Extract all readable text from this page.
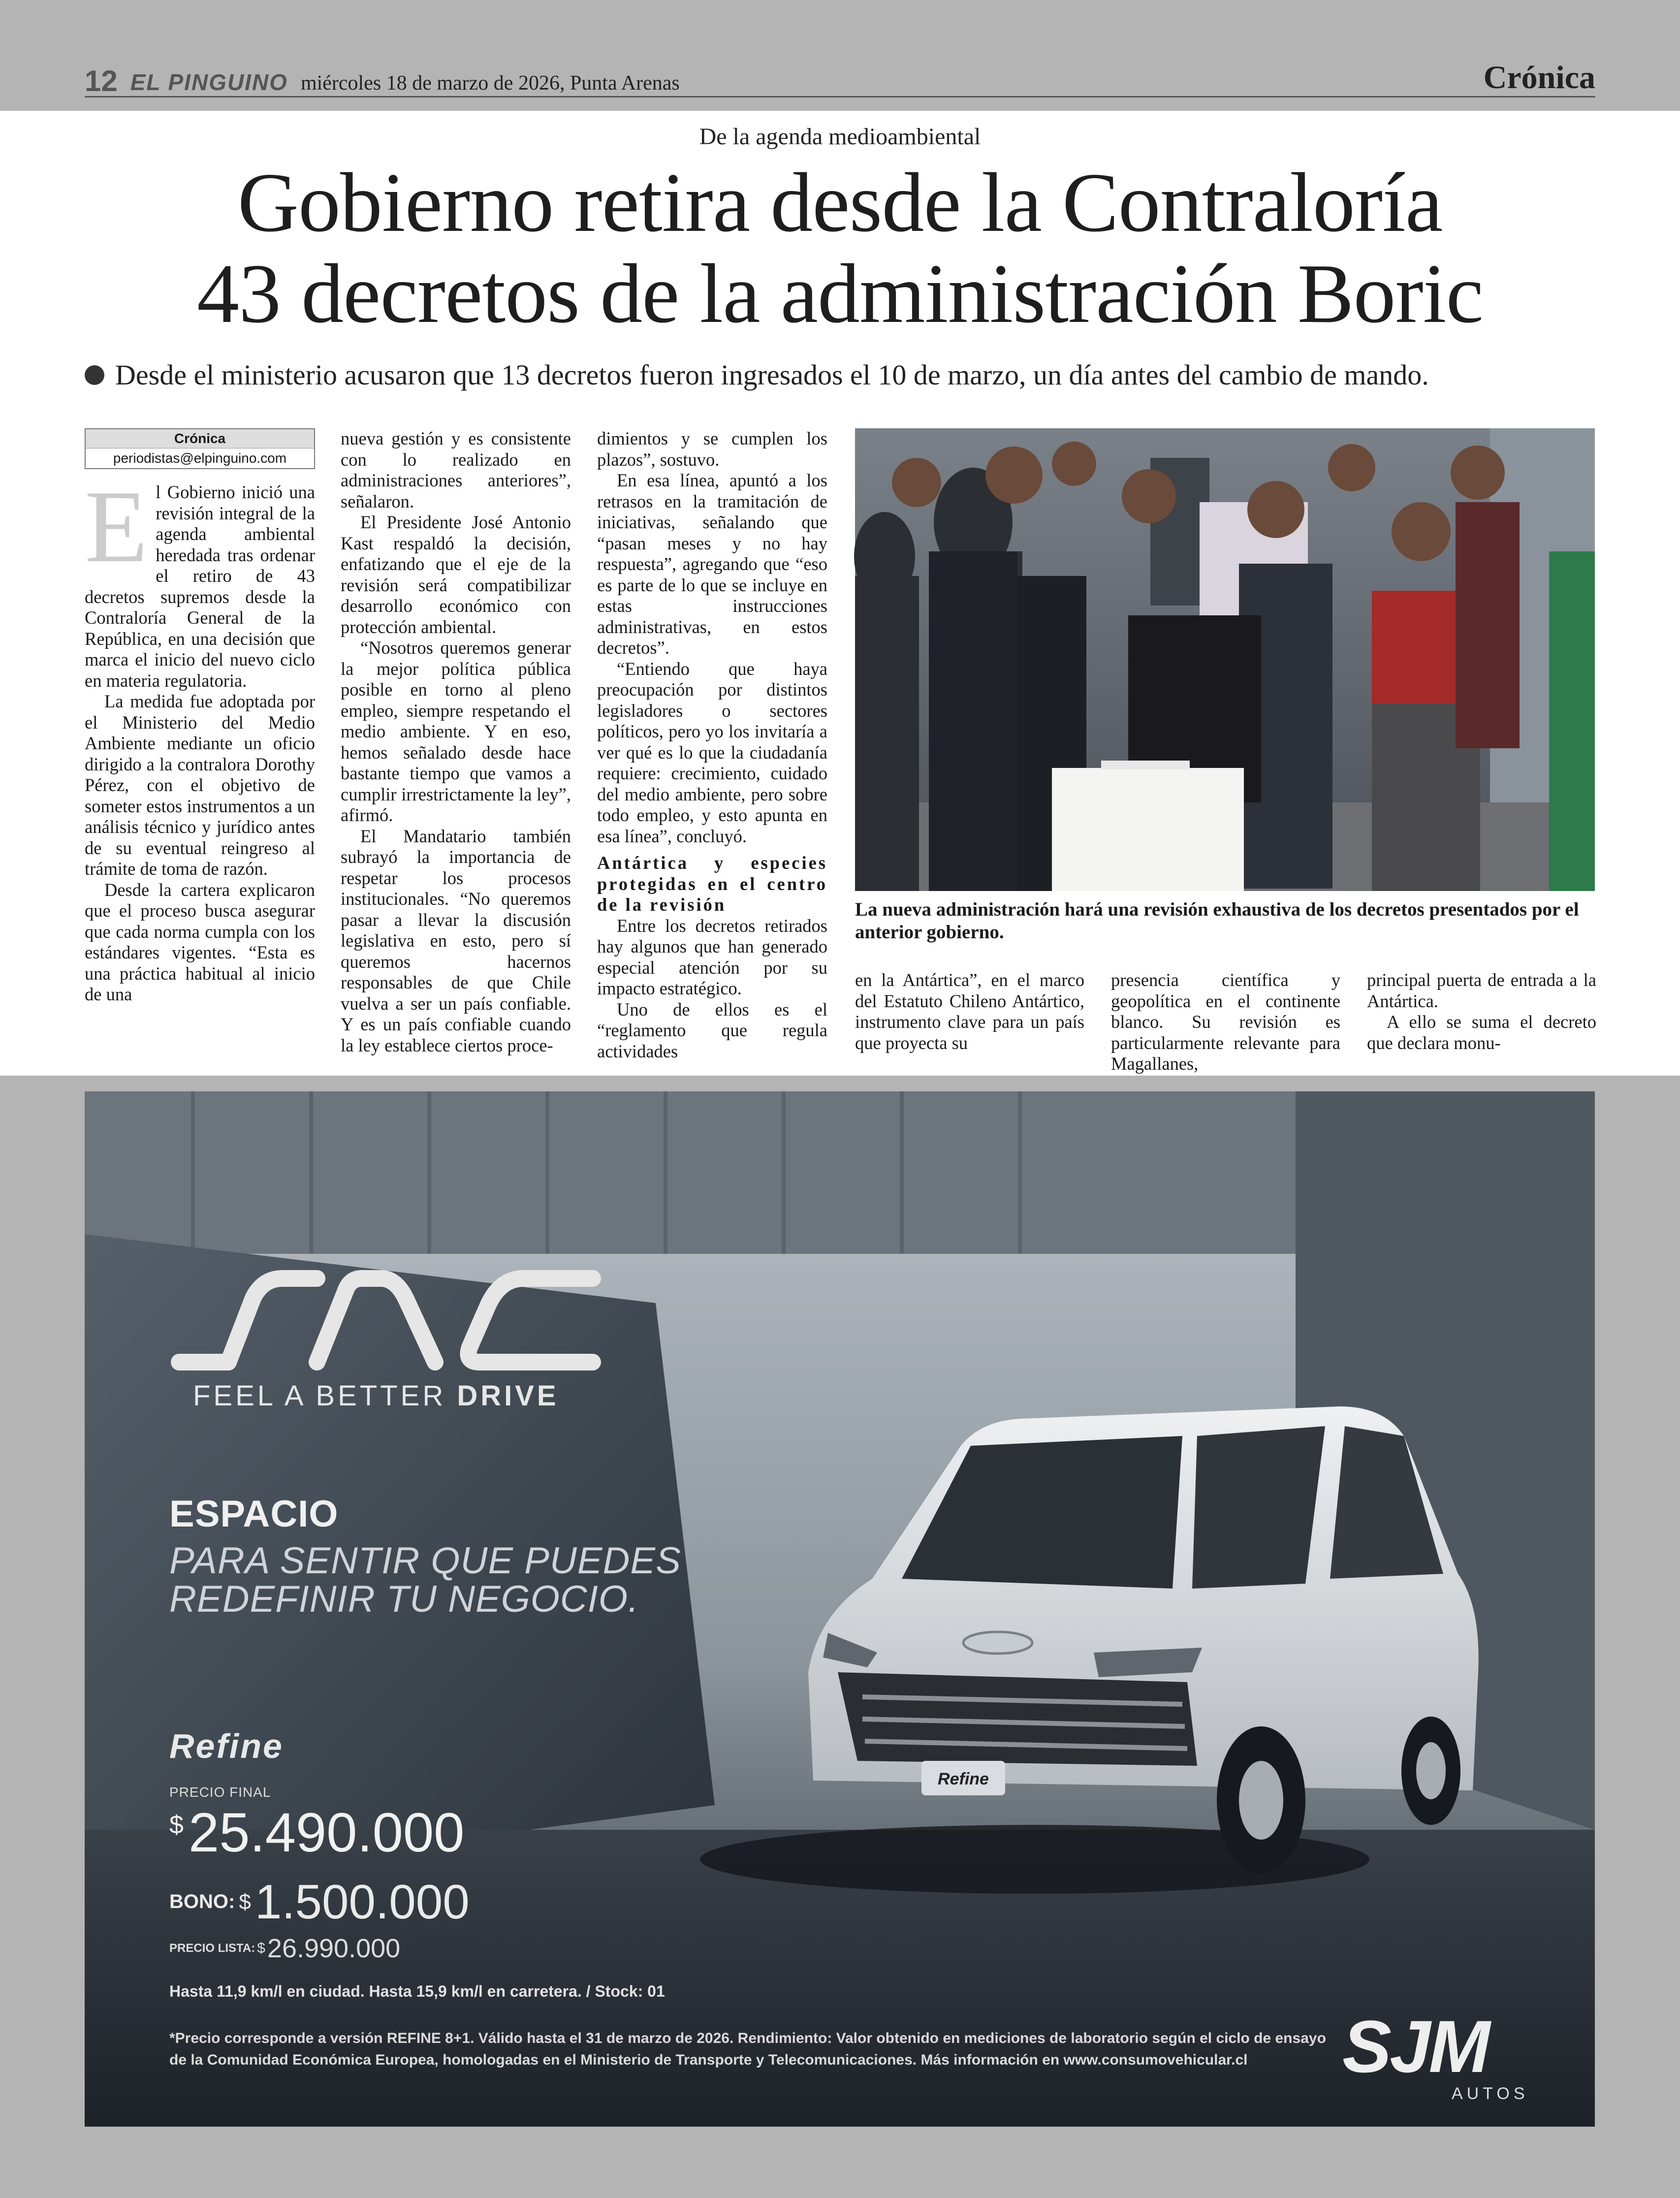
12 EL PINGUINO miércoles 18 de marzo de 2026, Punta Arenas	Crónica
De la agenda medioambiental
Gobierno retira desde la Contraloría
43 decretos de la administración Boric
Desde el ministerio acusaron que 13 decretos fueron ingresados el 10 de marzo, un día antes del cambio de mando.
Crónica
periodistas@elpinguino.com
E l Gobierno inició una revisión integral de la agenda ambiental heredada tras ordenar el retiro de 43 decretos supremos desde la Contraloría General de la República, en una decisión que marca el inicio del nuevo ciclo en materia regulatoria.

La medida fue adoptada por el Ministerio del Medio Ambiente mediante un oficio dirigido a la contralora Dorothy Pérez, con el objetivo de someter estos instrumentos a un análisis técnico y jurídico antes de su eventual reingreso al trámite de toma de razón.

Desde la cartera explicaron que el proceso busca asegurar que cada norma cumpla con los estándares vigentes. “Esta es una práctica habitual al inicio de una

nueva gestión y es consistente con lo realizado en administraciones anteriores”, señalaron.

El Presidente José Antonio Kast respaldó la decisión, enfatizando que el eje de la revisión será compatibilizar desarrollo económico con protección ambiental.

“Nosotros queremos generar la mejor política pública posible en torno al pleno empleo, siempre respetando el medio ambiente. Y en eso, hemos señalado desde hace bastante tiempo que vamos a cumplir irrestrictamente la ley”, afirmó.

El Mandatario también subrayó la importancia de respetar los procesos institucionales. “No queremos pasar a llevar la discusión legislativa en esto, pero sí queremos hacernos responsables de que Chile vuelva a ser un país confiable. Y es un país confiable cuando la ley establece ciertos proce-

dimientos y se cumplen los plazos”, sostuvo.

En esa línea, apuntó a los retrasos en la tramitación de iniciativas, señalando que “pasan meses y no hay respuesta”, agregando que “eso es parte de lo que se incluye en estas instrucciones administrativas, en estos decretos”.

“Entiendo que haya preocupación por distintos legisladores o sectores políticos, pero yo los invitaría a ver qué es lo que la ciudadanía requiere: crecimiento, cuidado del medio ambiente, pero sobre todo empleo, y esto apunta en esa línea”, concluyó.

Antártica y especies protegidas en el centro de la revisión

Entre los decretos retirados hay algunos que han generado especial atención por su impacto estratégico.

Uno de ellos es el “reglamento que regula actividades

La nueva administración hará una revisión exhaustiva de los decretos presentados por el anterior gobierno.

en la Antártica”, en el marco del Estatuto Chileno Antártico, instrumento clave para un país que proyecta su

presencia científica y geopolítica en el continente blanco. Su revisión es particularmente relevante para Magallanes,

principal puerta de entrada a la Antártica.

A ello se suma el decreto que declara monu-

Refine
FEEL A BETTER DRIVE
ESPACIO
PARA SENTIR QUE PUEDES
REDEFINIR TU NEGOCIO.
Refine
PRECIO FINAL
$25.490.000
BONO: $1.500.000
PRECIO LISTA: $26.990.000
Hasta 11,9 km/l en ciudad. Hasta 15,9 km/l en carretera. / Stock: 01
*Precio corresponde a versión REFINE 8+1. Válido hasta el 31 de marzo de 2026. Rendimiento: Valor obtenido en mediciones de laboratorio según el ciclo de ensayo de la Comunidad Económica Europea, homologadas en el Ministerio de Transporte y Telecomunicaciones. Más información en www.consumovehicular.cl	SJM
AUTOS
